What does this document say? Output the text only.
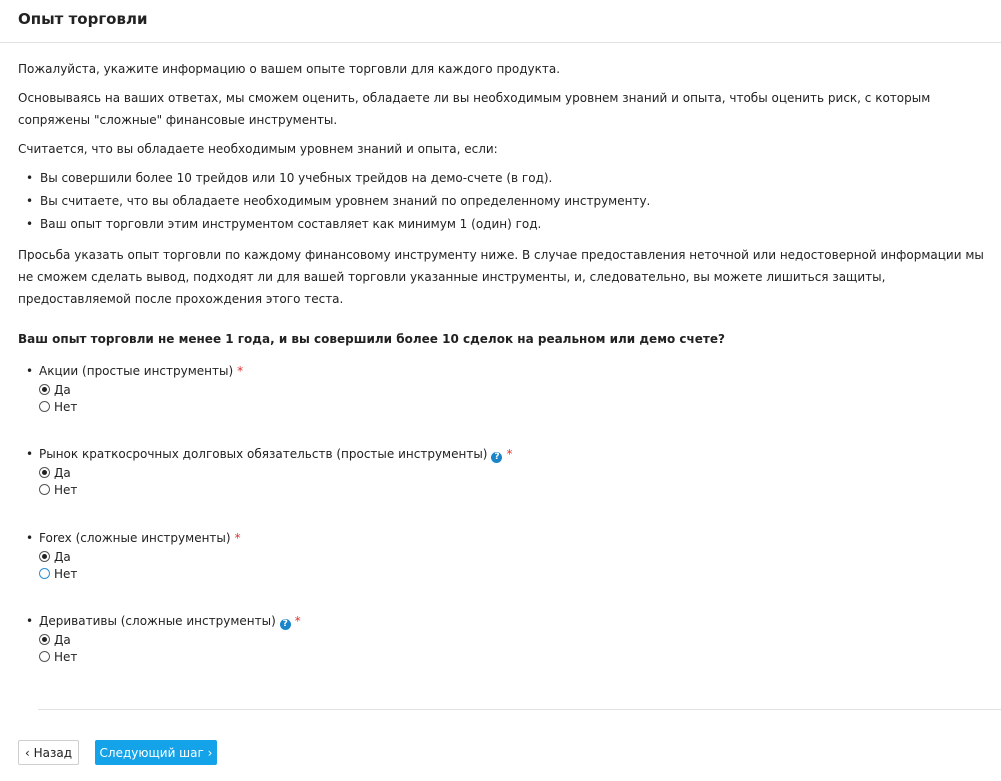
Опыт торговли

Пожалуйста, укажите информацию о вашем опыте торговли для каждого продукта.

Основываясь на ваших ответах, мы сможем оценить, обладаете ли вы необходимым уровнем знаний и опыта, чтобы оценить риск, с которым сопряжены "сложные" финансовые инструменты.

Считается, что вы обладаете необходимым уровнем знаний и опыта, если:

• Вы совершили более 10 трейдов или 10 учебных трейдов на демо-счете (в год).
• Вы считаете, что вы обладаете необходимым уровнем знаний по определенному инструменту.
• Ваш опыт торговли этим инструментом составляет как минимум 1 (один) год.

Просьба указать опыт торговли по каждому финансовому инструменту ниже. В случае предоставления неточной или недостоверной информации мы не сможем сделать вывод, подходят ли для вашей торговли указанные инструменты, и, следовательно, вы можете лишиться защиты, предоставляемой после прохождения этого теста.

Ваш опыт торговли не менее 1 года, и вы совершили более 10 сделок на реальном или демо счете?
• Акции (простые инструменты) *
Да
Нет
• Рынок краткосрочных долговых обязательств (простые инструменты) ? *
Да
Нет
• Forex (сложные инструменты) *
Да
Нет
• Деривативы (сложные инструменты) ? *
Да
Нет
‹ Назад	Следующий шаг ›
